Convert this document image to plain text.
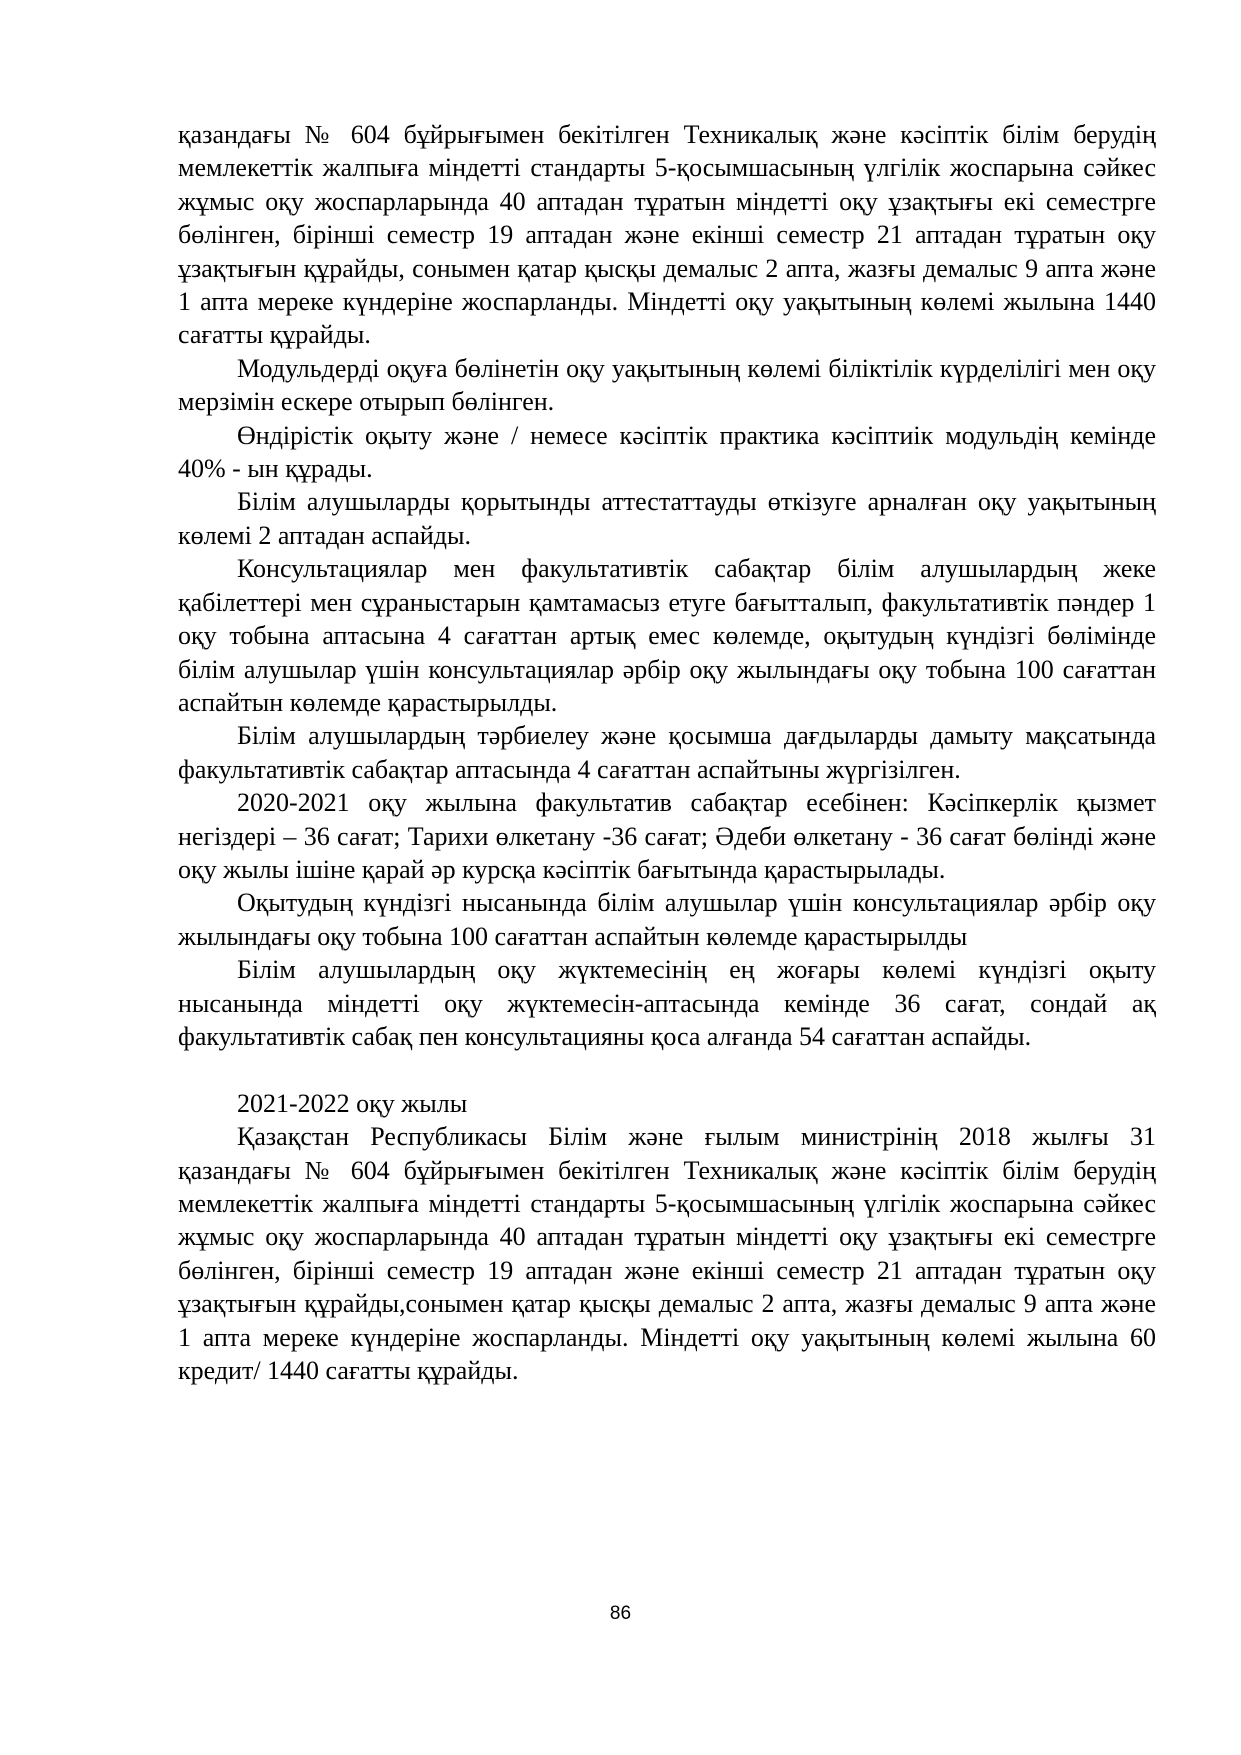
қазандағы № 604 бұйрығымен бекітілген Техникалық және кәсіптік білім берудің мемлекеттік жалпыға міндетті стандарты 5-қосымшасының үлгілік жоспарына сәйкес жұмыс оқу жоспарларында 40 аптадан тұратын міндетті оқу ұзақтығы екі семестрге бөлінген, бірінші семестр 19 аптадан және екінші семестр 21 аптадан тұратын оқу ұзақтығын құрайды, сонымен қатар қысқы демалыс 2 апта, жазғы демалыс 9 апта және 1 апта мереке күндеріне жоспарланды. Міндетті оқу уақытының көлемі жылына 1440 сағатты құрайды.

Модульдерді оқуға бөлінетін оқу уақытының көлемі біліктілік күрделілігі мен оқу мерзімін ескере отырып бөлінген.

Өндірістік оқыту және / немесе кәсіптік практика кәсіптиік модульдің кемінде 40% - ын құрады.

Білім алушыларды қорытынды аттестаттауды өткізуге арналған оқу уақытының көлемі 2 аптадан аспайды.

Консультациялар мен факультативтік сабақтар білім алушылардың жеке қабілеттері мен сұраныстарын қамтамасыз етуге бағытталып, факультативтік пәндер 1 оқу тобына аптасына 4 сағаттан артық емес көлемде, оқытудың күндізгі бөлімінде білім алушылар үшін консультациялар әрбір оқу жылындағы оқу тобына 100 сағаттан аспайтын көлемде қарастырылды.

Білім алушылардың тәрбиелеу және қосымша дағдыларды дамыту мақсатында факультативтік сабақтар аптасында 4 сағаттан аспайтыны жүргізілген.

2020-2021 оқу жылына факультатив сабақтар есебінен: Кәсіпкерлік қызмет негіздері – 36 сағат; Тарихи өлкетану -36 сағат; Әдеби өлкетану - 36 сағат бөлінді және оқу жылы ішіне қарай әр курсқа кәсіптік бағытында қарастырылады.

Оқытудың күндізгі нысанында білім алушылар үшін консультациялар әрбір оқу жылындағы оқу тобына 100 сағаттан аспайтын көлемде қарастырылды

Білім алушылардың оқу жүктемесінің ең жоғары көлемі күндізгі оқыту нысанында міндетті оқу жүктемесін-аптасында кемінде 36 сағат, сондай ақ факультативтік сабақ пен консультацияны қоса алғанда 54 сағаттан аспайды.

2021-2022 оқу жылы

Қазақстан Республикасы Білім және ғылым министрінің 2018 жылғы 31 қазандағы № 604 бұйрығымен бекітілген Техникалық және кәсіптік білім берудің мемлекеттік жалпыға міндетті стандарты 5-қосымшасының үлгілік жоспарына сәйкес жұмыс оқу жоспарларында 40 аптадан тұратын міндетті оқу ұзақтығы екі семестрге бөлінген, бірінші семестр 19 аптадан және екінші семестр 21 аптадан тұратын оқу ұзақтығын құрайды,сонымен қатар қысқы демалыс 2 апта, жазғы демалыс 9 апта және 1 апта мереке күндеріне жоспарланды. Міндетті оқу уақытының көлемі жылына 60 кредит/ 1440 сағатты құрайды.

86
